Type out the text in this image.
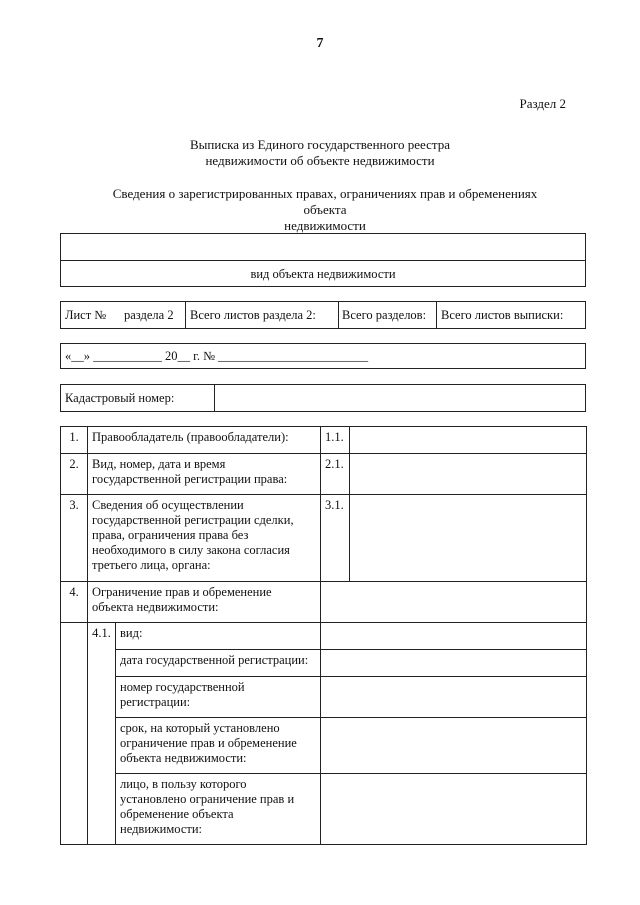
7
Раздел 2
Выписка из Единого государственного реестра
недвижимости об объекте недвижимости
Сведения о зарегистрированных правах, ограничениях прав и обременениях объекта
недвижимости
вид объекта недвижимости
Лист № раздела 2 Всего листов раздела 2: Всего разделов: Всего листов выписки:
«__» ___________ 20__ г. № ________________________
Кадастровый номер:
1.	Правообладатель (правообладатели):		1.1.	
2.	Вид, номер, дата и время государственной регистрации права:		2.1.	
3.	Сведения об осуществлении государственной регистрации сделки, права, ограничения права без необходимого в силу закона согласия третьего лица, органа:		3.1.	
4.	Ограничение прав и обременение объекта недвижимости:			
	4.1.	вид:		
		дата государственной регистрации:		
		номер государственной регистрации:		
		срок, на который установлено ограничение прав и обременение объекта недвижимости:		
		лицо, в пользу которого установлено ограничение прав и обременение объекта недвижимости:		
